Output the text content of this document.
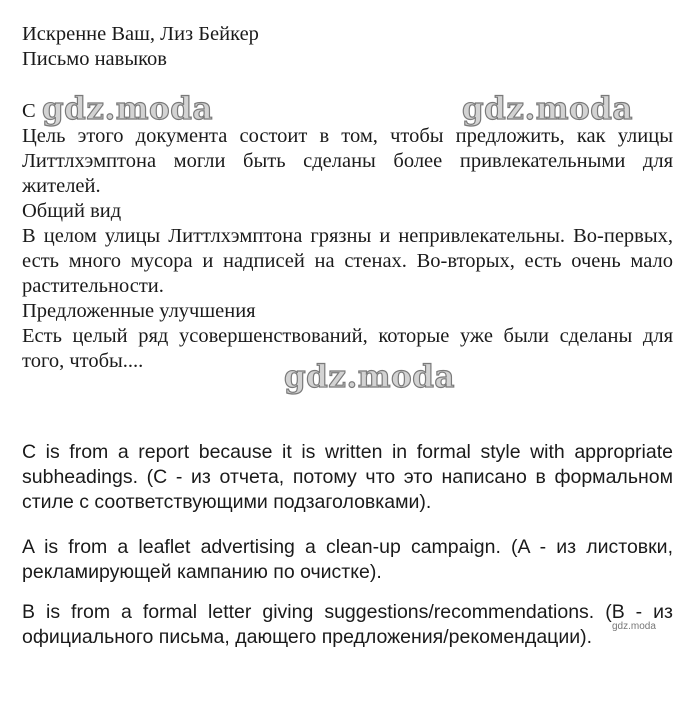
Искренне Ваш, Лиз Бейкер

Письмо навыков

C

Цель этого документа состоит в том, чтобы предложить, как улицы Литтлхэмптона могли быть сделаны более привлекательными для жителей.

Общий вид

В целом улицы Литтлхэмптона грязны и непривлекательны. Во-первых, есть много мусора и надписей на стенах. Во-вторых, есть очень мало растительности.

Предложенные улучшения

Есть целый ряд усовершенствований, которые уже были сделаны для того, чтобы....

C is from a report because it is written in formal style with appropriate subheadings. (C - из отчета, потому что это написано в формальном стиле с соответствующими подзаголовками).

A is from a leaflet advertising a clean-up campaign. (A - из листовки, рекламирующей кампанию по очистке).

B is from a formal letter giving suggestions/recommendations. (B - из официального письма, дающего предложения/рекомендации).

gdz.moda	gdz.moda
gdz.moda
gdz.moda
